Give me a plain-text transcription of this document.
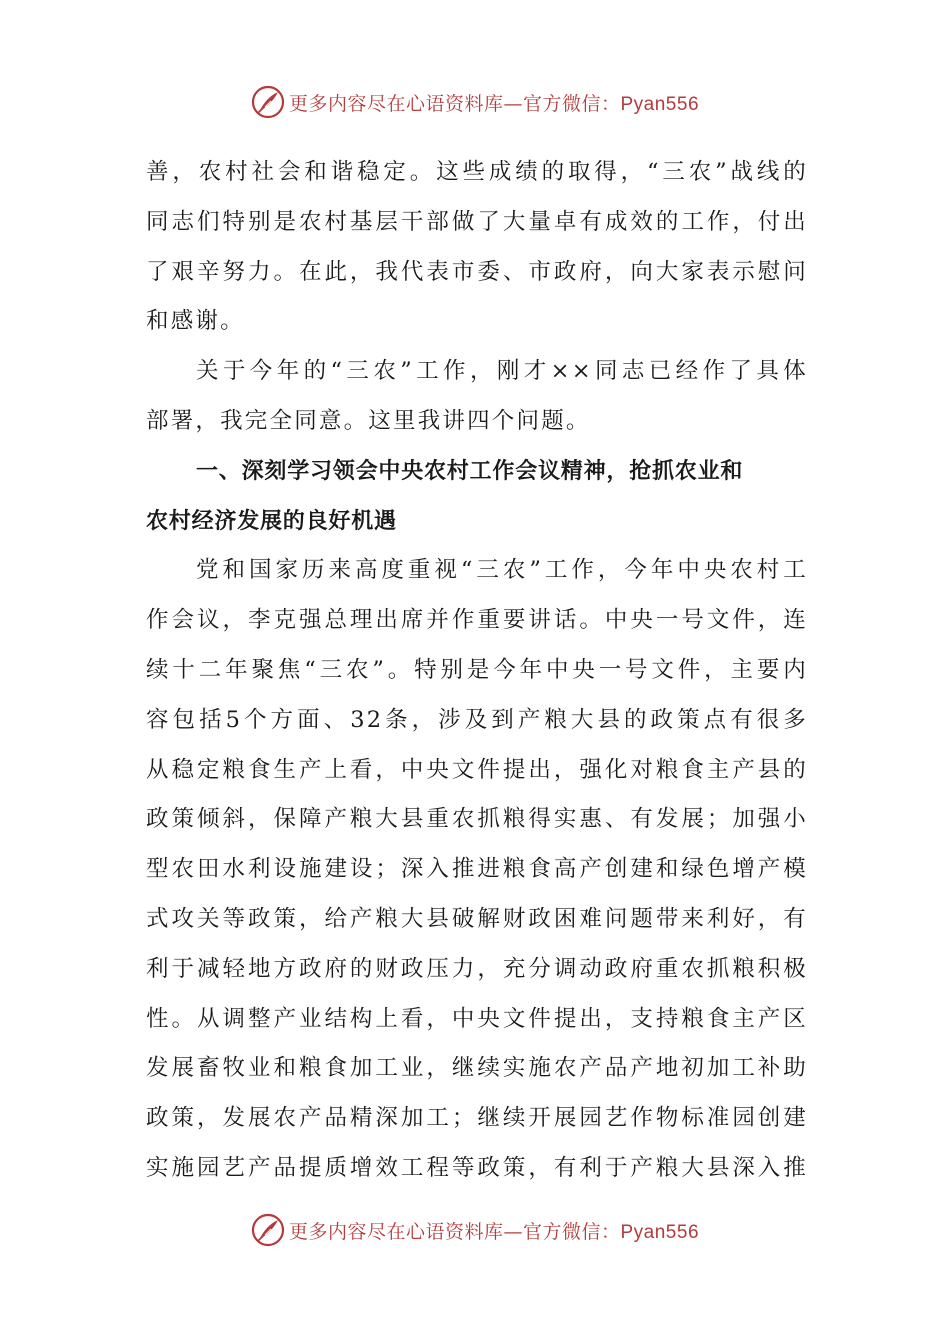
更多内容尽在心语资料库—官方微信：Pyan556
善，农村社会和谐稳定。这些成绩的取得，“三农”战线的
同志们特别是农村基层干部做了大量卓有成效的工作，付出
了艰辛努力。在此，我代表市委、市政府，向大家表示慰问
和感谢。
关于今年的“三农”工作，刚才××同志已经作了具体
部署，我完全同意。这里我讲四个问题。
一、深刻学习领会中央农村工作会议精神，抢抓农业和
农村经济发展的良好机遇
党和国家历来高度重视“三农”工作，今年中央农村工
作会议，李克强总理出席并作重要讲话。中央一号文件，连
续十二年聚焦“三农”。特别是今年中央一号文件，主要内
容包括5个方面、32条，涉及到产粮大县的政策点有很多
从稳定粮食生产上看，中央文件提出，强化对粮食主产县的
政策倾斜，保障产粮大县重农抓粮得实惠、有发展；加强小
型农田水利设施建设；深入推进粮食高产创建和绿色增产模
式攻关等政策，给产粮大县破解财政困难问题带来利好，有
利于减轻地方政府的财政压力，充分调动政府重农抓粮积极
性。从调整产业结构上看，中央文件提出，支持粮食主产区
发展畜牧业和粮食加工业，继续实施农产品产地初加工补助
政策，发展农产品精深加工；继续开展园艺作物标准园创建
实施园艺产品提质增效工程等政策，有利于产粮大县深入推
更多内容尽在心语资料库—官方微信：Pyan556
